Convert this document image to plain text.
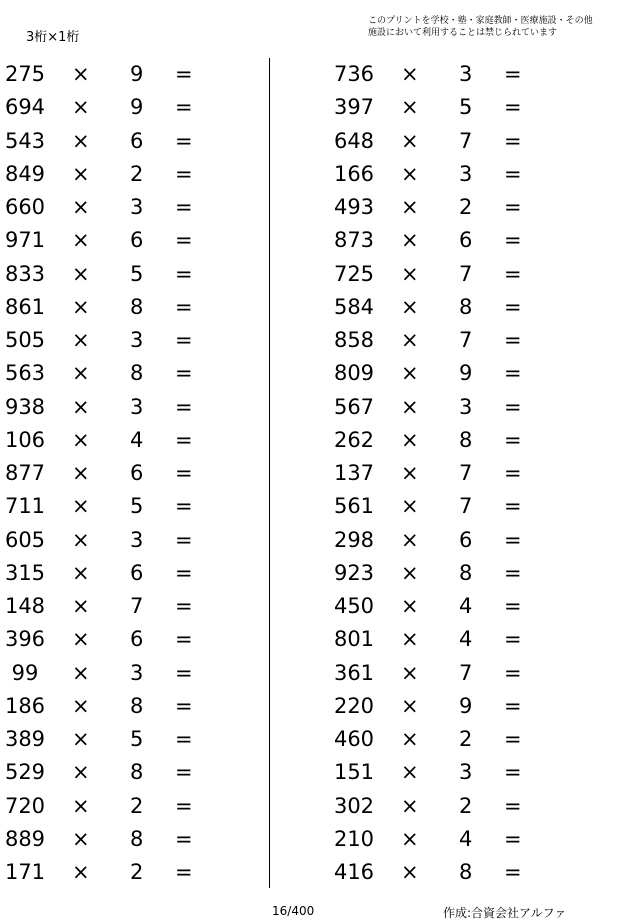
3桁×1桁
このプリントを学校・塾・家庭教師・医療施設・その他
施設において利用することは禁じられています
275 × 9 =
694 × 9 =
543 × 6 =
849 × 2 =
660 × 3 =
971 × 6 =
833 × 5 =
861 × 8 =
505 × 3 =
563 × 8 =
938 × 3 =
106 × 4 =
877 × 6 =
711 × 5 =
605 × 3 =
315 × 6 =
148 × 7 =
396 × 6 =
99	× 3 =
186 × 8 =
389 × 5 =
529 × 8 =
720 × 2 =
889 × 8 =
171 × 2 =
736 × 3 =
397 × 5 =
648 × 7 =
166 × 3 =
493 × 2 =
873 × 6 =
725 × 7 =
584 × 8 =
858 × 7 =
809 × 9 =
567 × 3 =
262 × 8 =
137 × 7 =
561 × 7 =
298 × 6 =
923 × 8 =
450 × 4 =
801 × 4 =
361 × 7 =
220 × 9 =
460 × 2 =
151 × 3 =
302 × 2 =
210 × 4 =
416 × 8 =
16/400	作成:合資会社アルファ
